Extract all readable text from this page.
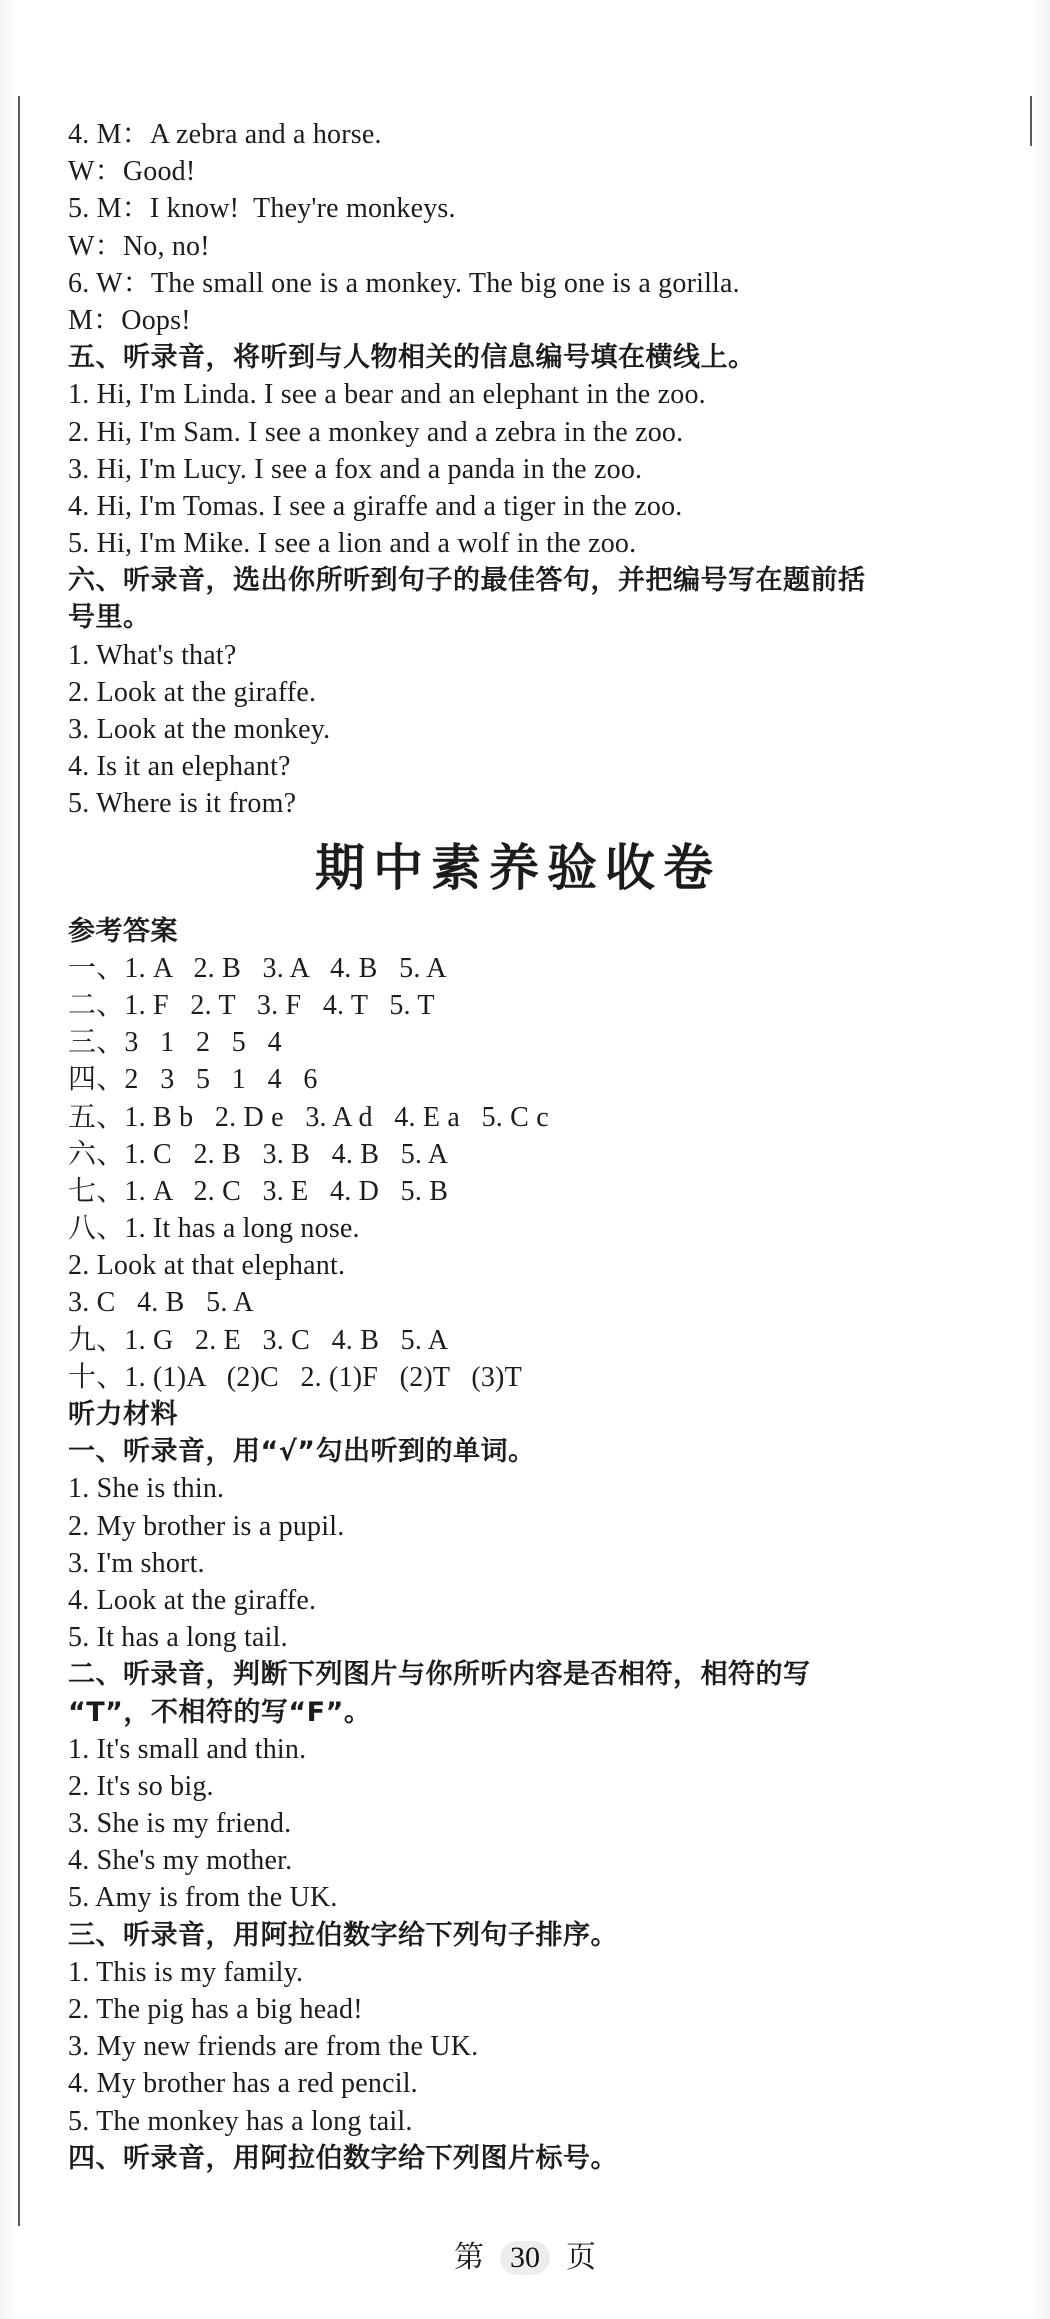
4. M：A zebra and a horse.
W：Good!
5. M：I know!  They're monkeys.
W：No, no!
6. W：The small one is a monkey. The big one is a gorilla.
M：Oops!
五、听录音，将听到与人物相关的信息编号填在横线上。
1. Hi, I'm Linda. I see a bear and an elephant in the zoo.
2. Hi, I'm Sam. I see a monkey and a zebra in the zoo.
3. Hi, I'm Lucy. I see a fox and a panda in the zoo.
4. Hi, I'm Tomas. I see a giraffe and a tiger in the zoo.
5. Hi, I'm Mike. I see a lion and a wolf in the zoo.
六、听录音，选出你所听到句子的最佳答句，并把编号写在题前括
号里。
1. What's that?
2. Look at the giraffe.
3. Look at the monkey.
4. Is it an elephant?
5. Where is it from?
期中素养验收卷
参考答案
一、1. A   2. B   3. A   4. B   5. A
二、1. F   2. T   3. F   4. T   5. T
三、3   1   2   5   4
四、2   3   5   1   4   6
五、1. B b   2. D e   3. A d   4. E a   5. C c
六、1. C   2. B   3. B   4. B   5. A
七、1. A   2. C   3. E   4. D   5. B
八、1. It has a long nose.
2. Look at that elephant.
3. C   4. B   5. A
九、1. G   2. E   3. C   4. B   5. A
十、1. (1)A   (2)C   2. (1)F   (2)T   (3)T
听力材料
一、听录音，用“√”勾出听到的单词。
1. She is thin.
2. My brother is a pupil.
3. I'm short.
4. Look at the giraffe.
5. It has a long tail.
二、听录音，判断下列图片与你所听内容是否相符，相符的写
“T”，不相符的写“F”。
1. It's small and thin.
2. It's so big.
3. She is my friend.
4. She's my mother.
5. Amy is from the UK.
三、听录音，用阿拉伯数字给下列句子排序。
1. This is my family.
2. The pig has a big head!
3. My new friends are from the UK.
4. My brother has a red pencil.
5. The monkey has a long tail.
四、听录音，用阿拉伯数字给下列图片标号。
第 30 页
